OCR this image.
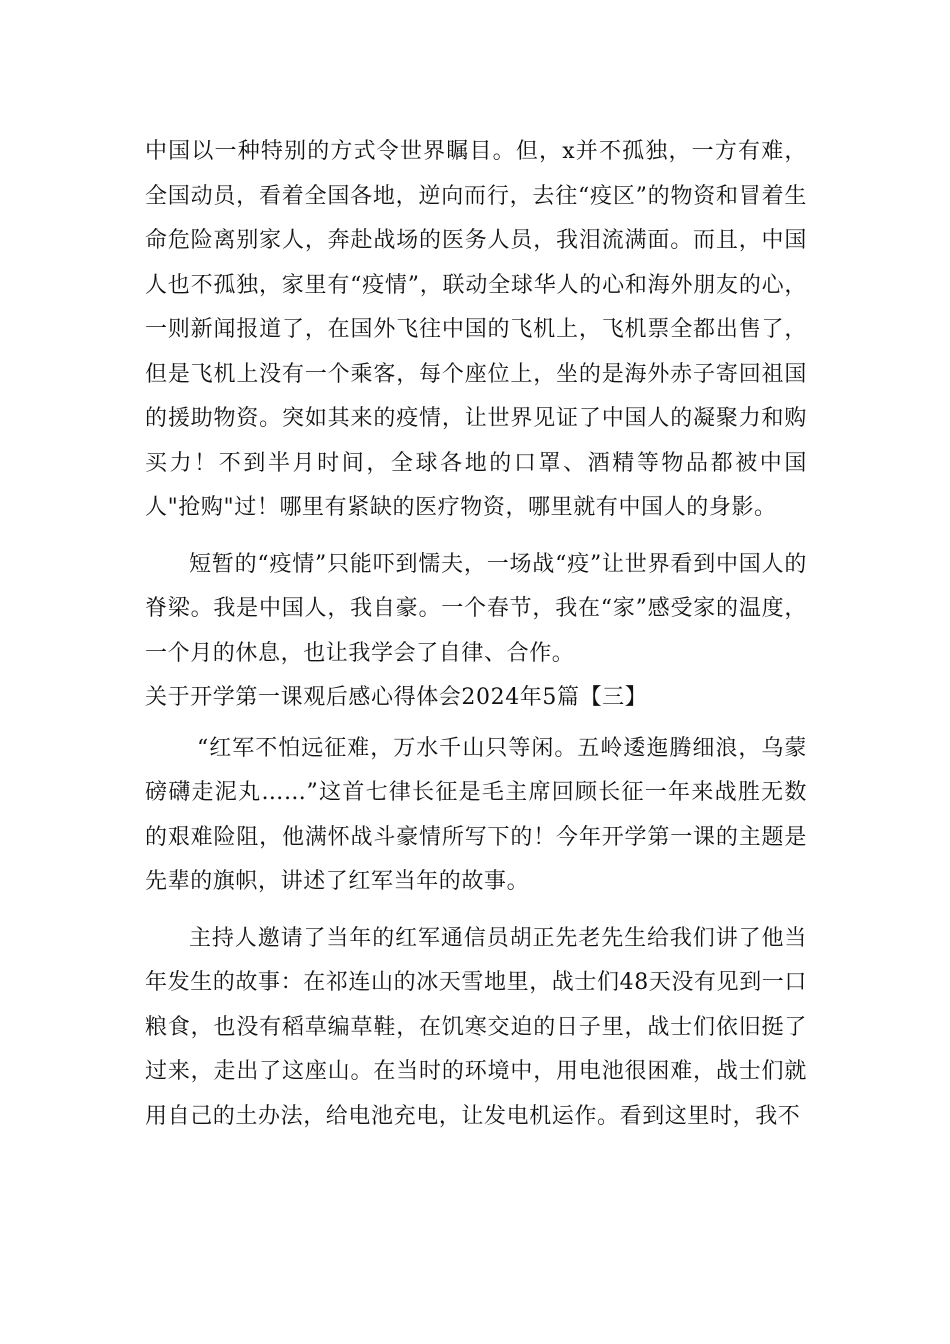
中国以一种特别的方式令世界瞩目。但，x并不孤独，一方有难，全国动员，看着全国各地，逆向而行，去往“疫区”的物资和冒着生命危险离别家人，奔赴战场的医务人员，我泪流满面。而且，中国人也不孤独，家里有“疫情”，联动全球华人的心和海外朋友的心，一则新闻报道了，在国外飞往中国的飞机上，飞机票全都出售了，但是飞机上没有一个乘客，每个座位上，坐的是海外赤子寄回祖国的援助物资。突如其来的疫情，让世界见证了中国人的凝聚力和购买力！不到半月时间，全球各地的口罩、酒精等物品都被中国人"抢购"过！哪里有紧缺的医疗物资，哪里就有中国人的身影。

短暂的“疫情”只能吓到懦夫，一场战“疫”让世界看到中国人的脊梁。我是中国人，我自豪。一个春节，我在“家”感受家的温度，一个月的休息，也让我学会了自律、合作。

关于开学第一课观后感心得体会2024年5篇【三】

“红军不怕远征难，万水千山只等闲。五岭逶迤腾细浪，乌蒙磅礴走泥丸……”这首七律长征是毛主席回顾长征一年来战胜无数的艰难险阻，他满怀战斗豪情所写下的！今年开学第一课的主题是先辈的旗帜，讲述了红军当年的故事。

主持人邀请了当年的红军通信员胡正先老先生给我们讲了他当年发生的故事：在祁连山的冰天雪地里，战士们48天没有见到一口粮食，也没有稻草编草鞋，在饥寒交迫的日子里，战士们依旧挺了过来，走出了这座山。在当时的环境中，用电池很困难，战士们就用自己的土办法，给电池充电，让发电机运作。看到这里时，我不
